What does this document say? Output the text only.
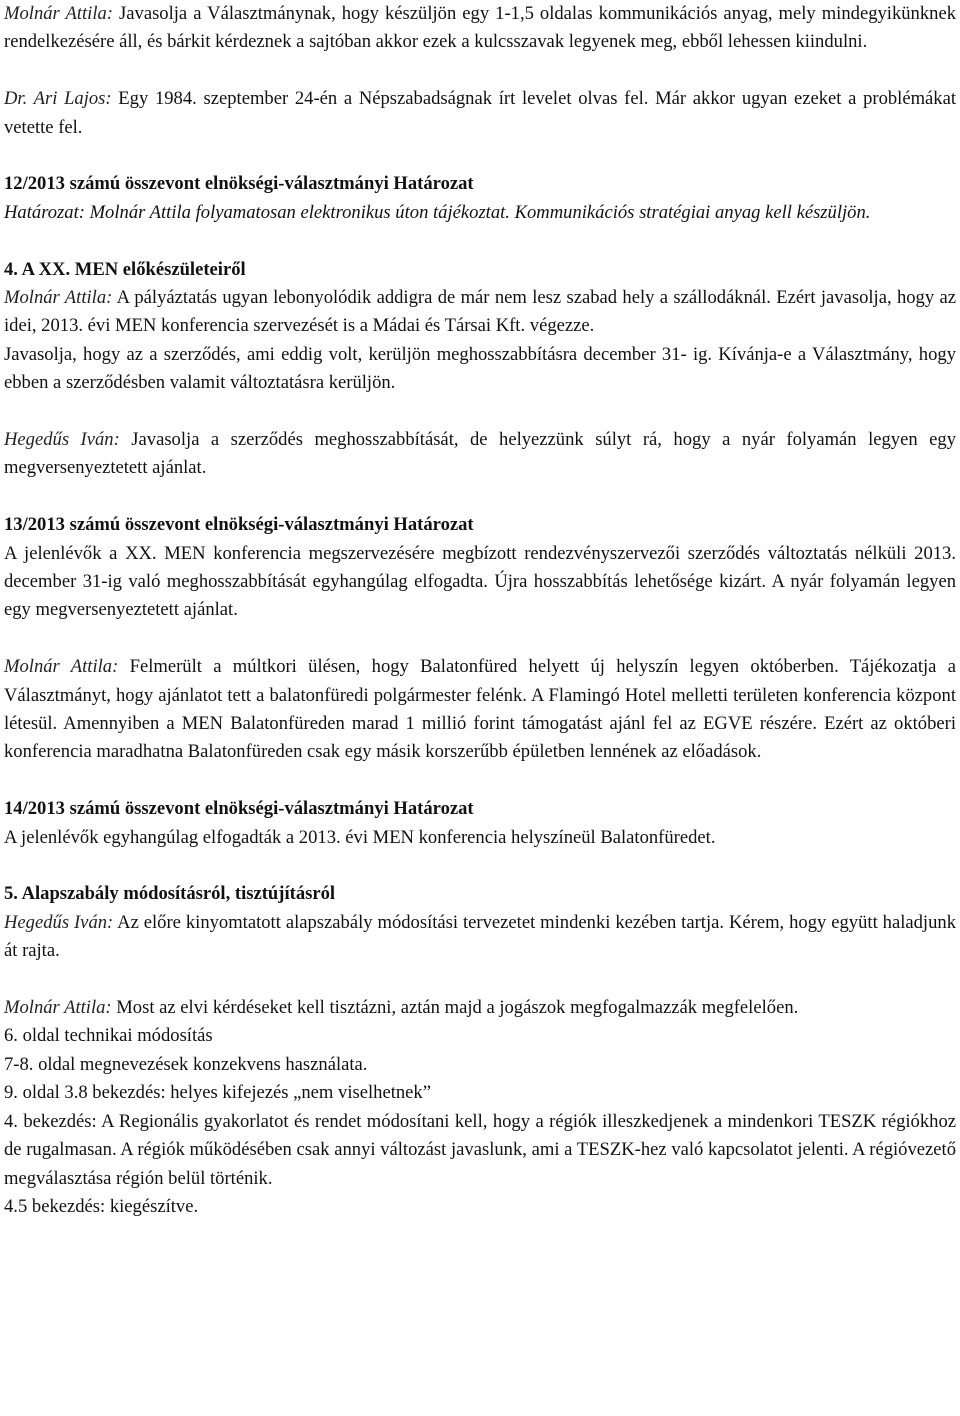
Molnár Attila: Javasolja a Választmánynak, hogy készüljön egy 1-1,5 oldalas kommunikációs anyag, mely mindegyikünknek rendelkezésére áll, és bárkit kérdeznek a sajtóban akkor ezek a kulcsszavak legyenek meg, ebből lehessen kiindulni.

Dr. Ari Lajos: Egy 1984. szeptember 24-én a Népszabadságnak írt levelet olvas fel. Már akkor ugyan ezeket a problémákat vetette fel.

12/2013 számú összevont elnökségi-választmányi Határozat

Határozat: Molnár Attila folyamatosan elektronikus úton tájékoztat. Kommunikációs stratégiai anyag kell készüljön.

4. A XX. MEN előkészületeiről

Molnár Attila: A pályáztatás ugyan lebonyolódik addigra de már nem lesz szabad hely a szállodáknál. Ezért javasolja, hogy az idei, 2013. évi MEN konferencia szervezését is a Mádai és Társai Kft. végezze.

Javasolja, hogy az a szerződés, ami eddig volt, kerüljön meghosszabbításra december 31- ig. Kívánja-e a Választmány, hogy ebben a szerződésben valamit változtatásra kerüljön.

Hegedűs Iván: Javasolja a szerződés meghosszabbítását, de helyezzünk súlyt rá, hogy a nyár folyamán legyen egy megversenyeztetett ajánlat.

13/2013 számú összevont elnökségi-választmányi Határozat

A jelenlévők a XX. MEN konferencia megszervezésére megbízott rendezvényszervezői szerződés változtatás nélküli 2013. december 31-ig való meghosszabbítását egyhangúlag elfogadta. Újra hosszabbítás lehetősége kizárt. A nyár folyamán legyen egy megversenyeztetett ajánlat.

Molnár Attila: Felmerült a múltkori ülésen, hogy Balatonfüred helyett új helyszín legyen októberben. Tájékozatja a Választmányt, hogy ajánlatot tett a balatonfüredi polgármester felénk. A Flamingó Hotel melletti területen konferencia központ létesül. Amennyiben a MEN Balatonfüreden marad 1 millió forint támogatást ajánl fel az EGVE részére. Ezért az októberi konferencia maradhatna Balatonfüreden csak egy másik korszerűbb épületben lennének az előadások.

14/2013 számú összevont elnökségi-választmányi Határozat

A jelenlévők egyhangúlag elfogadták a 2013. évi MEN konferencia helyszíneül Balatonfüredet.

5. Alapszabály módosításról, tisztújításról

Hegedűs Iván: Az előre kinyomtatott alapszabály módosítási tervezetet mindenki kezében tartja. Kérem, hogy együtt haladjunk át rajta.

Molnár Attila: Most az elvi kérdéseket kell tisztázni, aztán majd a jogászok megfogalmazzák megfelelően.

6. oldal technikai módosítás
7-8. oldal megnevezések konzekvens használata.
9. oldal 3.8 bekezdés: helyes kifejezés „nem viselhetnek”

4. bekezdés: A Regionális gyakorlatot és rendet módosítani kell, hogy a régiók illeszkedjenek a mindenkori TESZK régiókhoz de rugalmasan. A régiók működésében csak annyi változást javaslunk, ami a TESZK-hez való kapcsolatot jelenti. A régióvezető megválasztása régión belül történik.

4.5 bekezdés: kiegészítve.
